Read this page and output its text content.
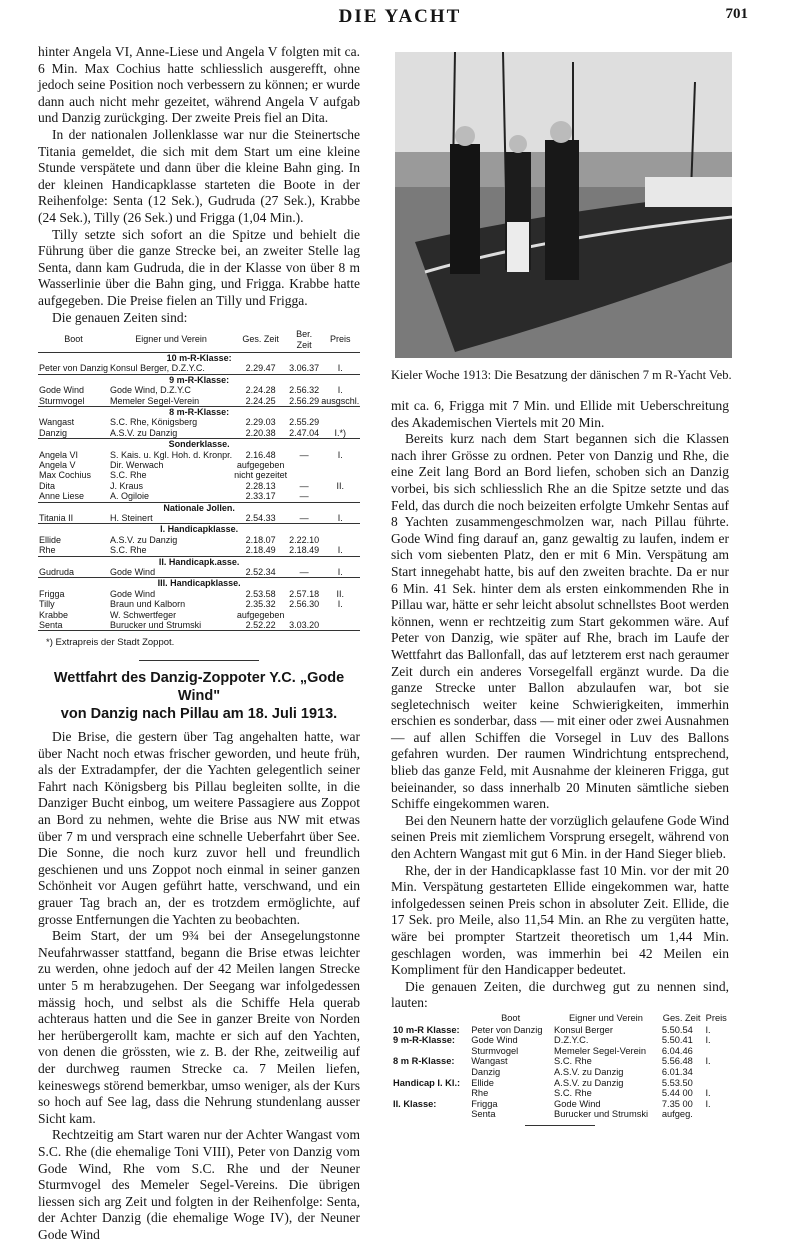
DIE YACHT	701

hinter Angela VI, Anne-Liese und Angela V folgten mit ca. 6 Min. Max Cochius hatte schliesslich ausgerefft, ohne jedoch seine Position noch verbessern zu können; er wurde dann auch nicht mehr gezeitet, während Angela V aufgab und Danzig zurückging. Der zweite Preis fiel an Dita.

In der nationalen Jollenklasse war nur die Steinertsche Titania gemeldet, die sich mit dem Start um eine kleine Stunde verspätete und dann über die kleine Bahn ging. In der kleinen Handicapklasse starteten die Boote in der Reihenfolge: Senta (12 Sek.), Gudruda (27 Sek.), Krabbe (24 Sek.), Tilly (26 Sek.) und Frigga (1,04 Min.).

Tilly setzte sich sofort an die Spitze und behielt die Führung über die ganze Strecke bei, an zweiter Stelle lag Senta, dann kam Gudruda, die in der Klasse von über 8 m Wasserlinie über die Bahn ging, und Frigga. Krabbe hatte aufgegeben. Die Preise fielen an Tilly und Frigga.

Die genauen Zeiten sind:

Boot	Eigner und Verein	Ges. Zeit	Ber. Zeit	Preis
10 m-R-Klasse:				
Peter von Danzig	Konsul Berger, D.Z.Y.C.	2.29.47	3.06.37	I.
9 m-R-Klasse:				
Gode Wind	Gode Wind, D.Z.Y.C	2.24.28	2.56.32	I.
Sturmvogel	Memeler Segel-Verein	2.24.25	2.56.29	ausgschl.
8 m-R-Klasse:				
Wangast	S.C. Rhe, Königsberg	2.29.03	2.55.29	
Danzig	A.S.V. zu Danzig	2.20.38	2.47.04	I.*)
Sonderklasse.				
Angela VI	S. Kais. u. Kgl. Hoh. d. Kronpr.	2.16.48	—	I.
Angela V	Dir. Werwach	aufgegeben		
Max Cochius	S.C. Rhe	nicht gezeitet		
Dita	J. Kraus	2.28.13	—	II.
Anne Liese	A. Ogiloie	2.33.17	—	
Nationale Jollen.				
Titania II	H. Steinert	2.54.33	—	I.
I. Handicapklasse.				
Ellide	A.S.V. zu Danzig	2.18.07	2.22.10	
Rhe	S.C. Rhe	2.18.49	2.18.49	I.
II. Handicapk.asse.				
Gudruda	Gode Wind	2.52.34	—	I.
III. Handicapklasse.				
Frigga	Gode Wind	2.53.58	2.57.18	II.
Tilly	Braun und Kalborn	2.35.32	2.56.30	I.
Krabbe	W. Schwertfeger	aufgegeben		
Senta	Burucker und Strumski	2.52.22	3.03.20	
*) Extrapreis der Stadt Zoppot.
Wettfahrt des Danzig-Zoppoter Y.C. „Gode Wind"
von Danzig nach Pillau am 18. Juli 1913.

Die Brise, die gestern über Tag angehalten hatte, war über Nacht noch etwas frischer geworden, und heute früh, als der Extradampfer, der die Yachten gelegentlich seiner Fahrt nach Königsberg bis Pillau begleiten sollte, in die Danziger Bucht einbog, um weitere Passagiere aus Zoppot an Bord zu nehmen, wehte die Brise aus NW mit etwas über 7 m und versprach eine schnelle Ueberfahrt über See. Die Sonne, die noch kurz zuvor hell und freundlich geschienen und uns Zoppot noch einmal in seiner ganzen Schönheit vor Augen geführt hatte, verschwand, und ein grauer Tag brach an, der es trotzdem ermöglichte, auf grosse Entfernungen die Yachten zu beobachten.

Beim Start, der um 9¾ bei der Ansegelungstonne Neufahrwasser stattfand, begann die Brise etwas leichter zu werden, ohne jedoch auf der 42 Meilen langen Strecke unter 5 m herabzugehen. Der Seegang war infolgedessen mässig hoch, und selbst als die Schiffe Hela querab achteraus hatten und die See in ganzer Breite von Norden her herübergerollt kam, machte er sich auf den Yachten, von denen die grössten, wie z. B. der Rhe, zeitweilig auf der durchweg raumen Strecke ca. 7 Meilen liefen, keineswegs störend bemerkbar, umso weniger, als der Kurs so hoch auf See lag, dass die Nehrung stundenlang ausser Sicht kam.

Rechtzeitig am Start waren nur der Achter Wangast vom S.C. Rhe (die ehemalige Toni VIII), Peter von Danzig vom Gode Wind, Rhe vom S.C. Rhe und der Neuner Sturmvogel des Memeler Segel-Vereins. Die übrigen liessen sich arg Zeit und folgten in der Reihenfolge: Senta, der Achter Danzig (die ehemalige Woge IV), der Neuner Gode Wind

Kieler Woche 1913: Die Besatzung der dänischen 7 m R-Yacht Veb.

mit ca. 6, Frigga mit 7 Min. und Ellide mit Ueberschreitung des Akademischen Viertels mit 20 Min.

Bereits kurz nach dem Start begannen sich die Klassen nach ihrer Grösse zu ordnen. Peter von Danzig und Rhe, die eine Zeit lang Bord an Bord liefen, schoben sich an Danzig vorbei, bis sich schliesslich Rhe an die Spitze setzte und das Feld, das durch die noch beizeiten erfolgte Umkehr Sentas auf 8 Yachten zusammengeschmolzen war, nach Pillau führte. Gode Wind fing darauf an, ganz gewaltig zu laufen, indem er sich vom siebenten Platz, den er mit 6 Min. Verspätung am Start innegehabt hatte, bis auf den zweiten brachte. Da er nur 6 Min. 41 Sek. hinter dem als ersten einkommenden Rhe in Pillau war, hätte er sehr leicht absolut schnellstes Boot werden können, wenn er rechtzeitig zum Start gekommen wäre. Auf Peter von Danzig, wie später auf Rhe, brach im Laufe der Wettfahrt das Ballonfall, das auf letzterem erst nach geraumer Zeit durch ein anderes Vorsegelfall ergänzt wurde. Da die ganze Strecke unter Ballon abzulaufen war, bot sie segletechnisch weiter keine Schwierigkeiten, immerhin erschien es sonderbar, dass — mit einer oder zwei Ausnahmen — auf allen Schiffen die Vorsegel in Luv des Ballons gefahren wurden. Der raumen Windrichtung entsprechend, blieb das ganze Feld, mit Ausnahme der kleineren Frigga, gut beieinander, so dass innerhalb 20 Minuten sämtliche sieben Schiffe eingekommen waren.

Bei den Neunern hatte der vorzüglich gelaufene Gode Wind seinen Preis mit ziemlichem Vorsprung ersegelt, während von den Achtern Wangast mit gut 6 Min. in der Hand Sieger blieb.

Rhe, der in der Handicapklasse fast 10 Min. vor der mit 20 Min. Verspätung gestarteten Ellide eingekommen war, hatte infolgedessen seinen Preis schon in absoluter Zeit. Ellide, die 17 Sek. pro Meile, also 11,54 Min. an Rhe zu vergüten hatte, wäre bei prompter Startzeit theoretisch um 1,44 Min. geschlagen worden, was immerhin bei 42 Meilen ein Kompliment für den Handicapper bedeutet.

Die genauen Zeiten, die durchweg gut zu nennen sind, lauten:

	Boot	Eigner und Verein	Ges. Zeit	Preis
10 m-R Klasse:	Peter von Danzig	Konsul Berger	5.50.54	I.
9 m-R-Klasse:	Gode Wind	D.Z.Y.C.	5.50.41	I.
	Sturmvogel	Memeler Segel-Verein	6.04.46	
8 m R-Klasse:	Wangast	S.C. Rhe	5.56.48	I.
	Danzig	A.S.V. zu Danzig	6.01.34	
Handicap I. Kl.:	Ellide	A.S.V. zu Danzig	5.53.50	
	Rhe	S.C. Rhe	5.44 00	I.
II. Klasse:	Frigga	Gode Wind	7.35 00	I.
	Senta	Burucker und Strumski	aufgeg.	
